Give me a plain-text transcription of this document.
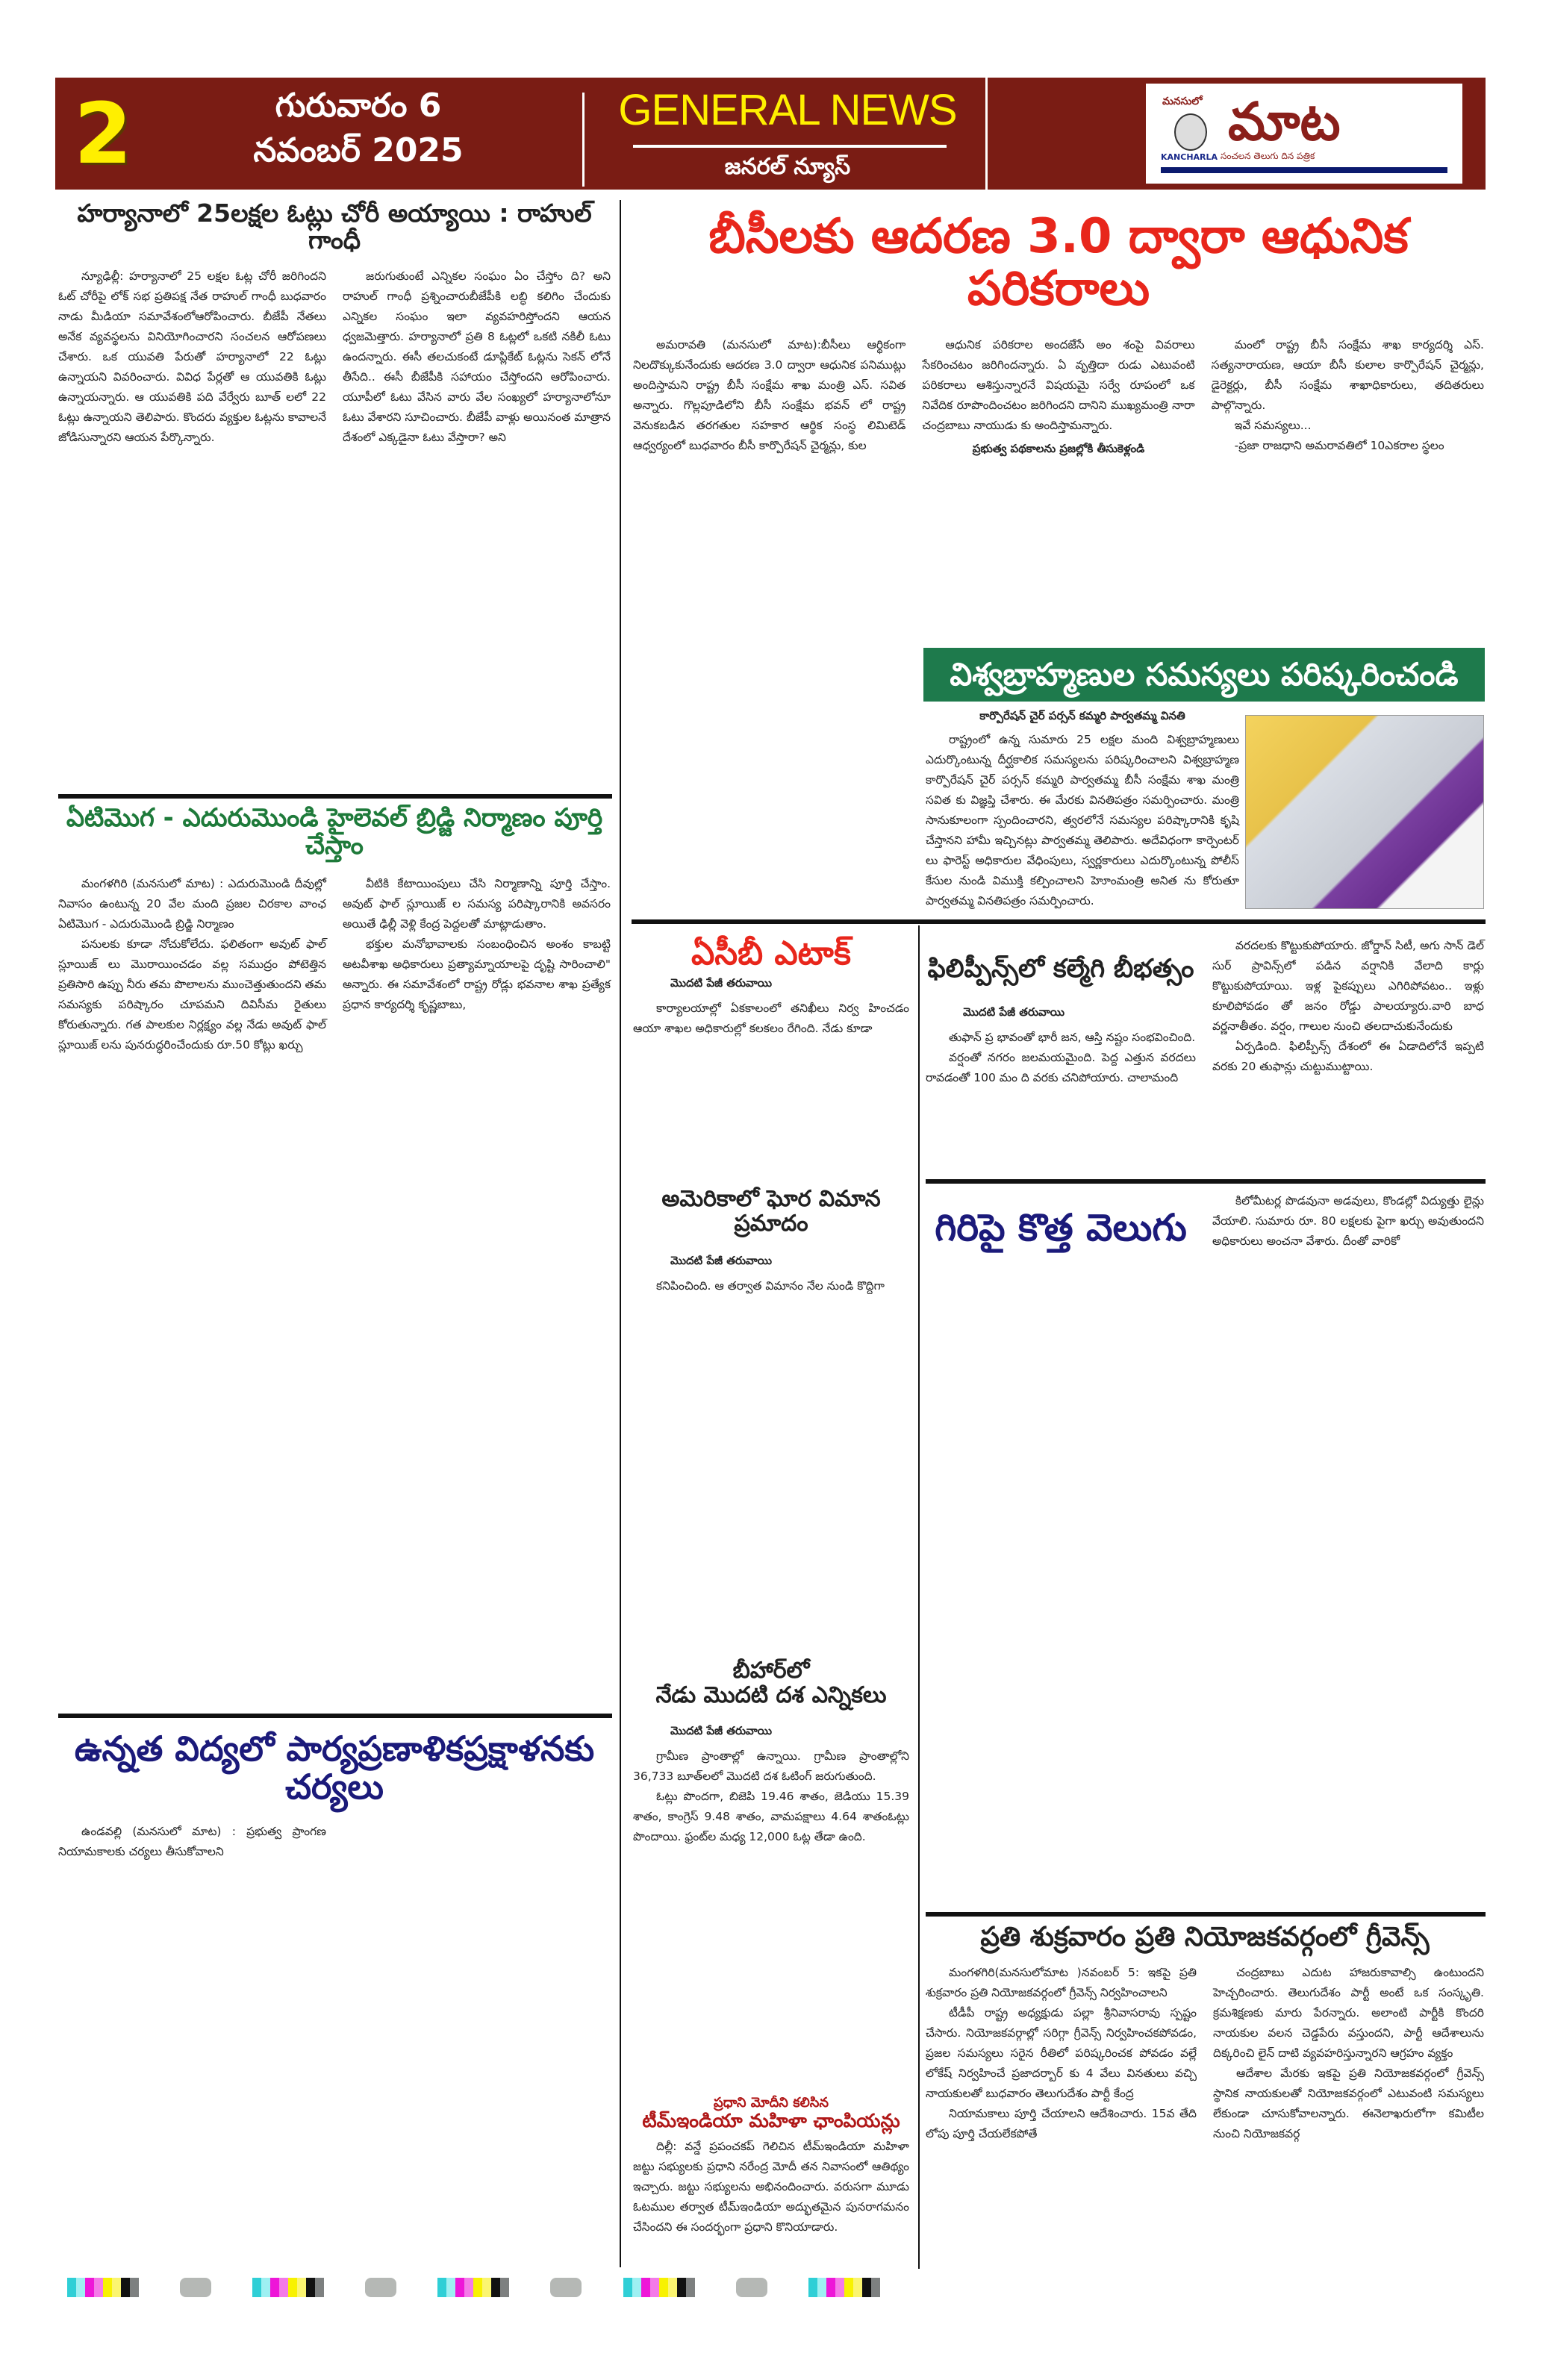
2	గురువారం 6
నవంబర్ 2025
GENERAL NEWS
జనరల్ న్యూస్
మనసులో మాట
KANCHARLA సంచలన తెలుగు దిన పత్రిక
హర్యానాలో 25లక్షల ఓట్లు చోరీ అయ్యాయి : రాహుల్ గాంధీ

న్యూఢిల్లీ: హర్యానాలో 25 లక్షల ఓట్ల చోరీ జరిగిందని ఓట్ చోరీపై లోక్ సభ ప్రతిపక్ష నేత రాహుల్ గాంధీ బుధవారం నాడు మీడియా సమావేశంలోఆరోపించారు. బీజేపీ నేతలు అనేక వ్యవస్థలను వినియోగించారని సంచలన ఆరోపణలు చేశారు. ఒక యువతి పేరుతో హర్యానాలో 22 ఓట్లు ఉన్నాయని వివరించారు. వివిధ పేర్లతో ఆ యువతికి ఓట్లు ఉన్నాయన్నారు. ఆ యువతికి పది వేర్వేరు బూత్ లలో 22 ఓట్లు ఉన్నాయని తెలిపారు. కొందరు వ్యక్తుల ఓట్లను కావాలనే జోడిసున్నారని ఆయన పేర్కొన్నారు.

జరుగుతుంటే ఎన్నికల సంఘం ఏం చేస్తోం ది? అని రాహుల్ గాంధీ ప్రశ్నించారుబీజేపీకి లబ్ధి కలిగిం చేందుకు ఎన్నికల సంఘం ఇలా వ్యవహరిస్తోందని ఆయన ధ్వజమెత్తారు. హర్యానాలో ప్రతి 8 ఓట్లలో ఒకటి నకిలీ ఓటు ఉందన్నారు. ఈసీ తలచుకంటే డూప్లికేట్ ఓట్లను సెకన్ లోనే తీసేది.. ఈసీ బీజేపీకి సహాయం చేస్తోందని ఆరోపించారు. యూపీలో ఓటు వేసిన వారు వేల సంఖ్యలో హర్యానాలోనూ ఓటు వేశారని సూచించారు. బీజేపీ వాళ్లు అయినంత మాత్రాన దేశంలో ఎక్కడైనా ఓటు వేస్తారా? అని

ఏటిమొగ - ఎదురుమొండి హైలెవల్ బ్రిడ్జి నిర్మాణం పూర్తి చేస్తాం

మంగళగిరి (మనసులో మాట) : ఎదురుమొండి దీవుల్లో నివాసం ఉంటున్న 20 వేల మంది ప్రజల చిరకాల వాంఛ ఏటిమొగ - ఎదురుమొండి బ్రిడ్జి నిర్మాణం

పనులకు కూడా నోచుకోలేదు. ఫలితంగా అవుట్ ఫాల్ స్లూయిజ్ లు మొరాయించడం వల్ల సముద్రం పోటెత్తిన ప్రతిసారి ఉప్పు నీరు తమ పొలాలను ముంచెత్తుతుందని తమ సమస్యకు పరిష్కారం చూపమని దివిసీమ రైతులు కోరుతున్నారు. గత పాలకుల నిర్లక్ష్యం వల్ల నేడు అవుట్ ఫాల్ స్లూయిజ్ లను పునరుద్ధరించేందుకు రూ.50 కోట్లు ఖర్చు

వీటికి కేటాయింపులు చేసి నిర్మాణాన్ని పూర్తి చేస్తాం. అవుట్ ఫాల్ స్లూయిజ్ ల సమస్య పరిష్కారానికి అవసరం అయితే ఢిల్లీ వెళ్లి కేంద్ర పెద్దలతో మాట్లాడుతాం.

భక్తుల మనోభావాలకు సంబంధించిన అంశం కాబట్టి అటవీశాఖ అధికారులు ప్రత్యామ్నాయాలపై దృష్టి సారించాలి" అన్నారు. ఈ సమావేశంలో రాష్ట్ర రోడ్లు భవనాల శాఖ ప్రత్యేక ప్రధాన కార్యదర్శి కృష్ణబాబు,

ఉన్నత విద్యలో పార్యప్రణాళికప్రక్షాళనకు చర్యలు

ఉండవల్లి (మనసులో మాట) : ప్రభుత్వ ప్రాంగణ నియామకాలకు చర్యలు తీసుకోవాలని

బీసీలకు ఆదరణ 3.0 ద్వారా ఆధునిక పరికరాలు

అమరావతి (మనసులో మాట):బీసీలు ఆర్థికంగా నిలదొక్కుకునేందుకు ఆదరణ 3.0 ద్వారా ఆధునిక పనిముట్లు అందిస్తామని రాష్ట్ర బీసీ సంక్షేమ శాఖ మంత్రి ఎస్. సవిత అన్నారు. గొల్లపూడిలోని బీసీ సంక్షేమ భవన్ లో రాష్ట్ర వెనుకబడిన తరగతుల సహకార ఆర్థిక సంస్థ లిమిటెడ్ ఆధ్వర్యంలో బుధవారం బీసీ కార్పొరేషన్ చైర్మన్లు, కుల

ఆధునిక పరికరాల అందజేసే అం శంపై వివరాలు సేకరించటం జరిగిందన్నారు. ఏ వృత్తిదా రుడు ఎటువంటి పరికరాలు ఆశిస్తున్నారనే విషయమై సర్వే రూపంలో ఒక నివేదిక రూపొందించటం జరిగిందని దానిని ముఖ్యమంత్రి నారా చంద్రబాబు నాయుడు కు అందిస్తామన్నారు.

ప్రభుత్వ పథకాలను ప్రజల్లోకి తీసుకెళ్లండి

మంలో రాష్ట్ర బీసీ సంక్షేమ శాఖ కార్యదర్శి ఎస్. సత్యనారాయణ, ఆయా బీసీ కులాల కార్పొరేషన్ చైర్మన్లు, డైరెక్టర్లు, బీసీ సంక్షేమ శాఖాధికారులు, తదితరులు పాల్గొన్నారు.

ఇవే సమస్యలు...

-ప్రజా రాజధాని అమరావతిలో 10ఎకరాల స్థలం

విశ్వబ్రాహ్మణుల సమస్యలు పరిష్కరించండి
కార్పొరేషన్ చైర్ పర్సన్ కమ్మరి పార్వతమ్మ వినతి

రాష్ట్రంలో ఉన్న సుమారు 25 లక్షల మంది విశ్వబ్రాహ్మణులు ఎదుర్కొంటున్న దీర్ఘకాలిక సమస్యలను పరిష్కరించాలని విశ్వబ్రాహ్మణ కార్పొరేషన్ చైర్ పర్సన్ కమ్మరి పార్వతమ్మ బీసీ సంక్షేమ శాఖ మంత్రి సవిత కు విజ్ఞప్తి చేశారు. ఈ మేరకు వినతిపత్రం సమర్పించారు. మంత్రి సానుకూలంగా స్పందించారని, త్వరలోనే సమస్యల పరిష్కారానికి కృషి చేస్తానని హామీ ఇచ్చినట్లు పార్వతమ్మ తెలిపారు. అదేవిధంగా కార్పెంటర్ లు ఫారెస్ట్ అధికారుల వేధింపులు, స్వర్ణకారులు ఎదుర్కొంటున్న పోలీస్ కేసుల నుండి విముక్తి కల్పించాలని హెూంమంత్రి అనిత ను కోరుతూ పార్వతమ్మ వినతిపత్రం సమర్పించారు.

ఏసీబీ ఎటాక్
మొదటి పేజీ తరువాయి

కార్యాలయాల్లో ఏకకాలంలో తనిఖీలు నిర్వ హించడం ఆయా శాఖల అధికారుల్లో కలకలం రేగింది. నేడు కూడా

అమెరికాలో ఘోర విమాన ప్రమాదం
మొదటి పేజీ తరువాయి

కనిపించింది. ఆ తర్వాత విమానం నేల నుండి కొద్దిగా

బీహార్‌లో
నేడు మొదటి దశ ఎన్నికలు
మొదటి పేజీ తరువాయి

గ్రామీణ ప్రాంతాల్లో ఉన్నాయి. గ్రామీణ ప్రాంతాల్లోని 36,733 బూత్‌లలో మొదటి దశ ఓటింగ్ జరుగుతుంది.

ఓట్లు పొందగా, బిజెపి 19.46 శాతం, జెడియు 15.39 శాతం, కాంగ్రెస్ 9.48 శాతం, వామపక్షాలు 4.64 శాతంఓట్లు పొందాయి. ఫ్రంట్‌ల మధ్య 12,000 ఓట్ల తేడా ఉంది.

ప్రధాని మోదీని కలిసిన
టీమ్ఇండియా మహిళా ఛాంపియన్లు

దిల్లీ: వన్డే ప్రపంచకప్ గెలిచిన టీమ్ఇండియా మహిళా జట్టు సభ్యులకు ప్రధాని నరేంద్ర మోదీ తన నివాసంలో ఆతిథ్యం ఇచ్చారు. జట్టు సభ్యులను అభినందించారు. వరుసగా మూడు ఓటముల తర్వాత టీమ్ఇండియా అద్భుతమైన పునరాగమనం చేసిందని ఈ సందర్భంగా ప్రధాని కొనియాడారు.

ఫిలిప్పీన్స్‌లో కల్మేగి బీభత్సం
మొదటి పేజీ తరువాయి

తుఫాన్ ప్ర భావంతో భారీ జన, ఆస్తి నష్టం సంభవించింది.

వర్షంతో నగరం జలమయమైంది. పెద్ద ఎత్తున వరదలు రావడంతో 100 మం ది వరకు చనిపోయారు. చాలామంది

వరదలకు కొట్టుకుపోయారు. జోర్డాన్ సిటీ, అగు సాన్ డెల్ సుర్ ప్రావిన్స్‌లో పడిన వర్షానికి వేలాది కార్లు కొట్టుకుపోయాయి. ఇళ్ల పైకప్పులు ఎగిరిపోవటం.. ఇళ్లు కూలిపోవడం తో జనం రోడ్డు పాలయ్యారు.వారి బాధ వర్ణనాతీతం. వర్షం, గాలుల నుంచి తలదాచుకునేందుకు

ఏర్పడింది. ఫిలిప్పీన్స్ దేశంలో ఈ ఏడాదిలోనే ఇప్పటి వరకు 20 తుఫాన్లు చుట్టుముట్టాయి.

గిరిపై కొత్త వెలుగు

కిలోమీటర్ల పొడవునా అడవులు, కొండల్లో విద్యుత్తు లైన్లు వేయాలి. సుమారు రూ. 80 లక్షలకు పైగా ఖర్చు అవుతుందని అధికారులు అంచనా వేశారు. దీంతో వారికో

ప్రతి శుక్రవారం ప్రతి నియోజకవర్గంలో గ్రీవెన్స్

మంగళగిరి(మనసులోమాట )నవంబర్ 5: ఇకపై ప్రతి శుక్రవారం ప్రతి నియోజకవర్గంలో గ్రీవెన్స్ నిర్వహించాలని

టీడీపీ రాష్ట్ర అధ్యక్షుడు పల్లా శ్రీనివాసరావు స్పష్టం చేసారు. నియోజకవర్గాల్లో సరిగ్గా గ్రీవెన్స్ నిర్వహించకపోవడం, ప్రజల సమస్యలు సరైన రీతిలో పరిష్కరించక పోవడం వల్లే లోకేష్ నిర్వహించే ప్రజాదర్బార్ కు 4 వేలు వినతులు వచ్చి నాయకులతో బుధవారం తెలుగుదేశం పార్టీ కేంద్ర

నియామకాలు పూర్తి చేయాలని ఆదేశించారు. 15వ తేది లోపు పూర్తి చేయలేకపోతే

చంద్రబాబు ఎదుట హాజరుకావాల్సి ఉంటుందని హెచ్చరించారు. తెలుగుదేశం పార్టీ అంటే ఒక సంస్కృతి. క్రమశిక్షణకు మారు పేరన్నారు. అలాంటి పార్టీకి కొందరి నాయకుల వలన చెడ్డపేరు వస్తుందని, పార్టీ ఆదేశాలును దిక్కరించి లైన్ దాటి వ్యవహరిస్తున్నారని ఆగ్రహం వ్యక్తం

ఆదేశాల మేరకు ఇకపై ప్రతి నియోజకవర్గంలో గ్రీవెన్స్ స్థానిక నాయకులతో నియోజకవర్గంలో ఎటువంటి సమస్యలు లేకుండా చూసుకోవాలన్నారు. ఈనెలాఖరులోగా కమిటీల నుంచి నియోజకవర్గ
